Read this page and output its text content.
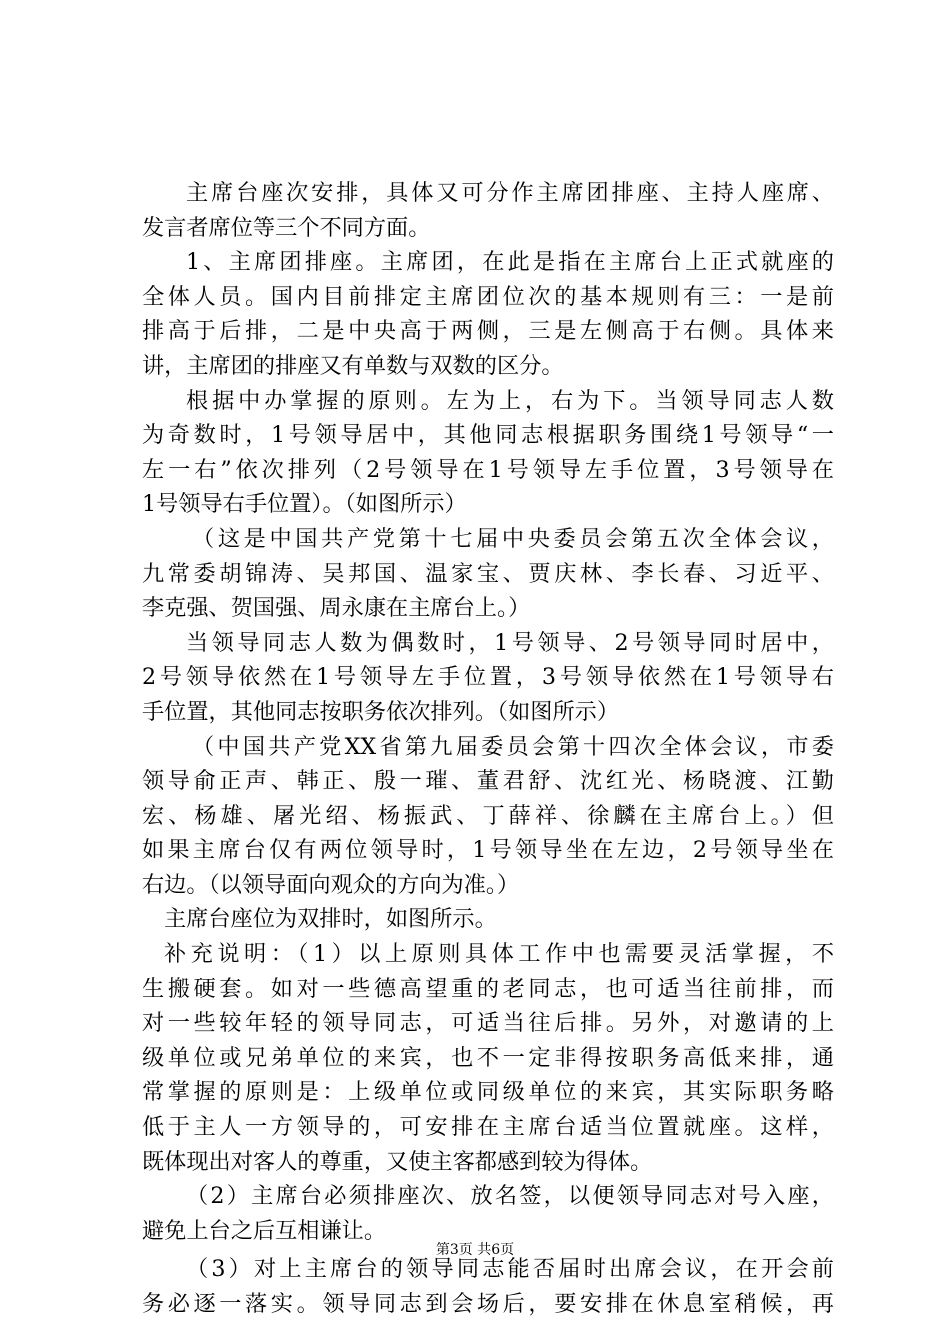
主席台座次安排，具体又可分作主席团排座、主持人座席、
发言者席位等三个不同方面。
1、主席团排座。主席团，在此是指在主席台上正式就座的
全体人员。国内目前排定主席团位次的基本规则有三：一是前
排高于后排，二是中央高于两侧，三是左侧高于右侧。具体来
讲，主席团的排座又有单数与双数的区分。
根据中办掌握的原则。左为上，右为下。当领导同志人数
为奇数时，1号领导居中，其他同志根据职务围绕1号领导“一
左一右”依次排列（2号领导在1号领导左手位置，3号领导在
1号领导右手位置）。（如图所示）
（这是中国共产党第十七届中央委员会第五次全体会议，
九常委胡锦涛、吴邦国、温家宝、贾庆林、李长春、习近平、
李克强、贺国强、周永康在主席台上。）
当领导同志人数为偶数时，1号领导、2号领导同时居中，
2号领导依然在1号领导左手位置，3号领导依然在1号领导右
手位置，其他同志按职务依次排列。（如图所示）
（中国共产党XX省第九届委员会第十四次全体会议，市委
领导俞正声、韩正、殷一璀、董君舒、沈红光、杨晓渡、江勤
宏、杨雄、屠光绍、杨振武、丁薛祥、徐麟在主席台上。）但
如果主席台仅有两位领导时，1号领导坐在左边，2号领导坐在
右边。（以领导面向观众的方向为准。）
主席台座位为双排时，如图所示。
补充说明：（1）以上原则具体工作中也需要灵活掌握，不
生搬硬套。如对一些德高望重的老同志，也可适当往前排，而
对一些较年轻的领导同志，可适当往后排。另外，对邀请的上
级单位或兄弟单位的来宾，也不一定非得按职务高低来排，通
常掌握的原则是：上级单位或同级单位的来宾，其实际职务略
低于主人一方领导的，可安排在主席台适当位置就座。这样，
既体现出对客人的尊重，又使主客都感到较为得体。
（2）主席台必须排座次、放名签，以便领导同志对号入座，
避免上台之后互相谦让。
（3）对上主席台的领导同志能否届时出席会议，在开会前
务必逐一落实。领导同志到会场后，要安排在休息室稍候，再
第3页 共6页
